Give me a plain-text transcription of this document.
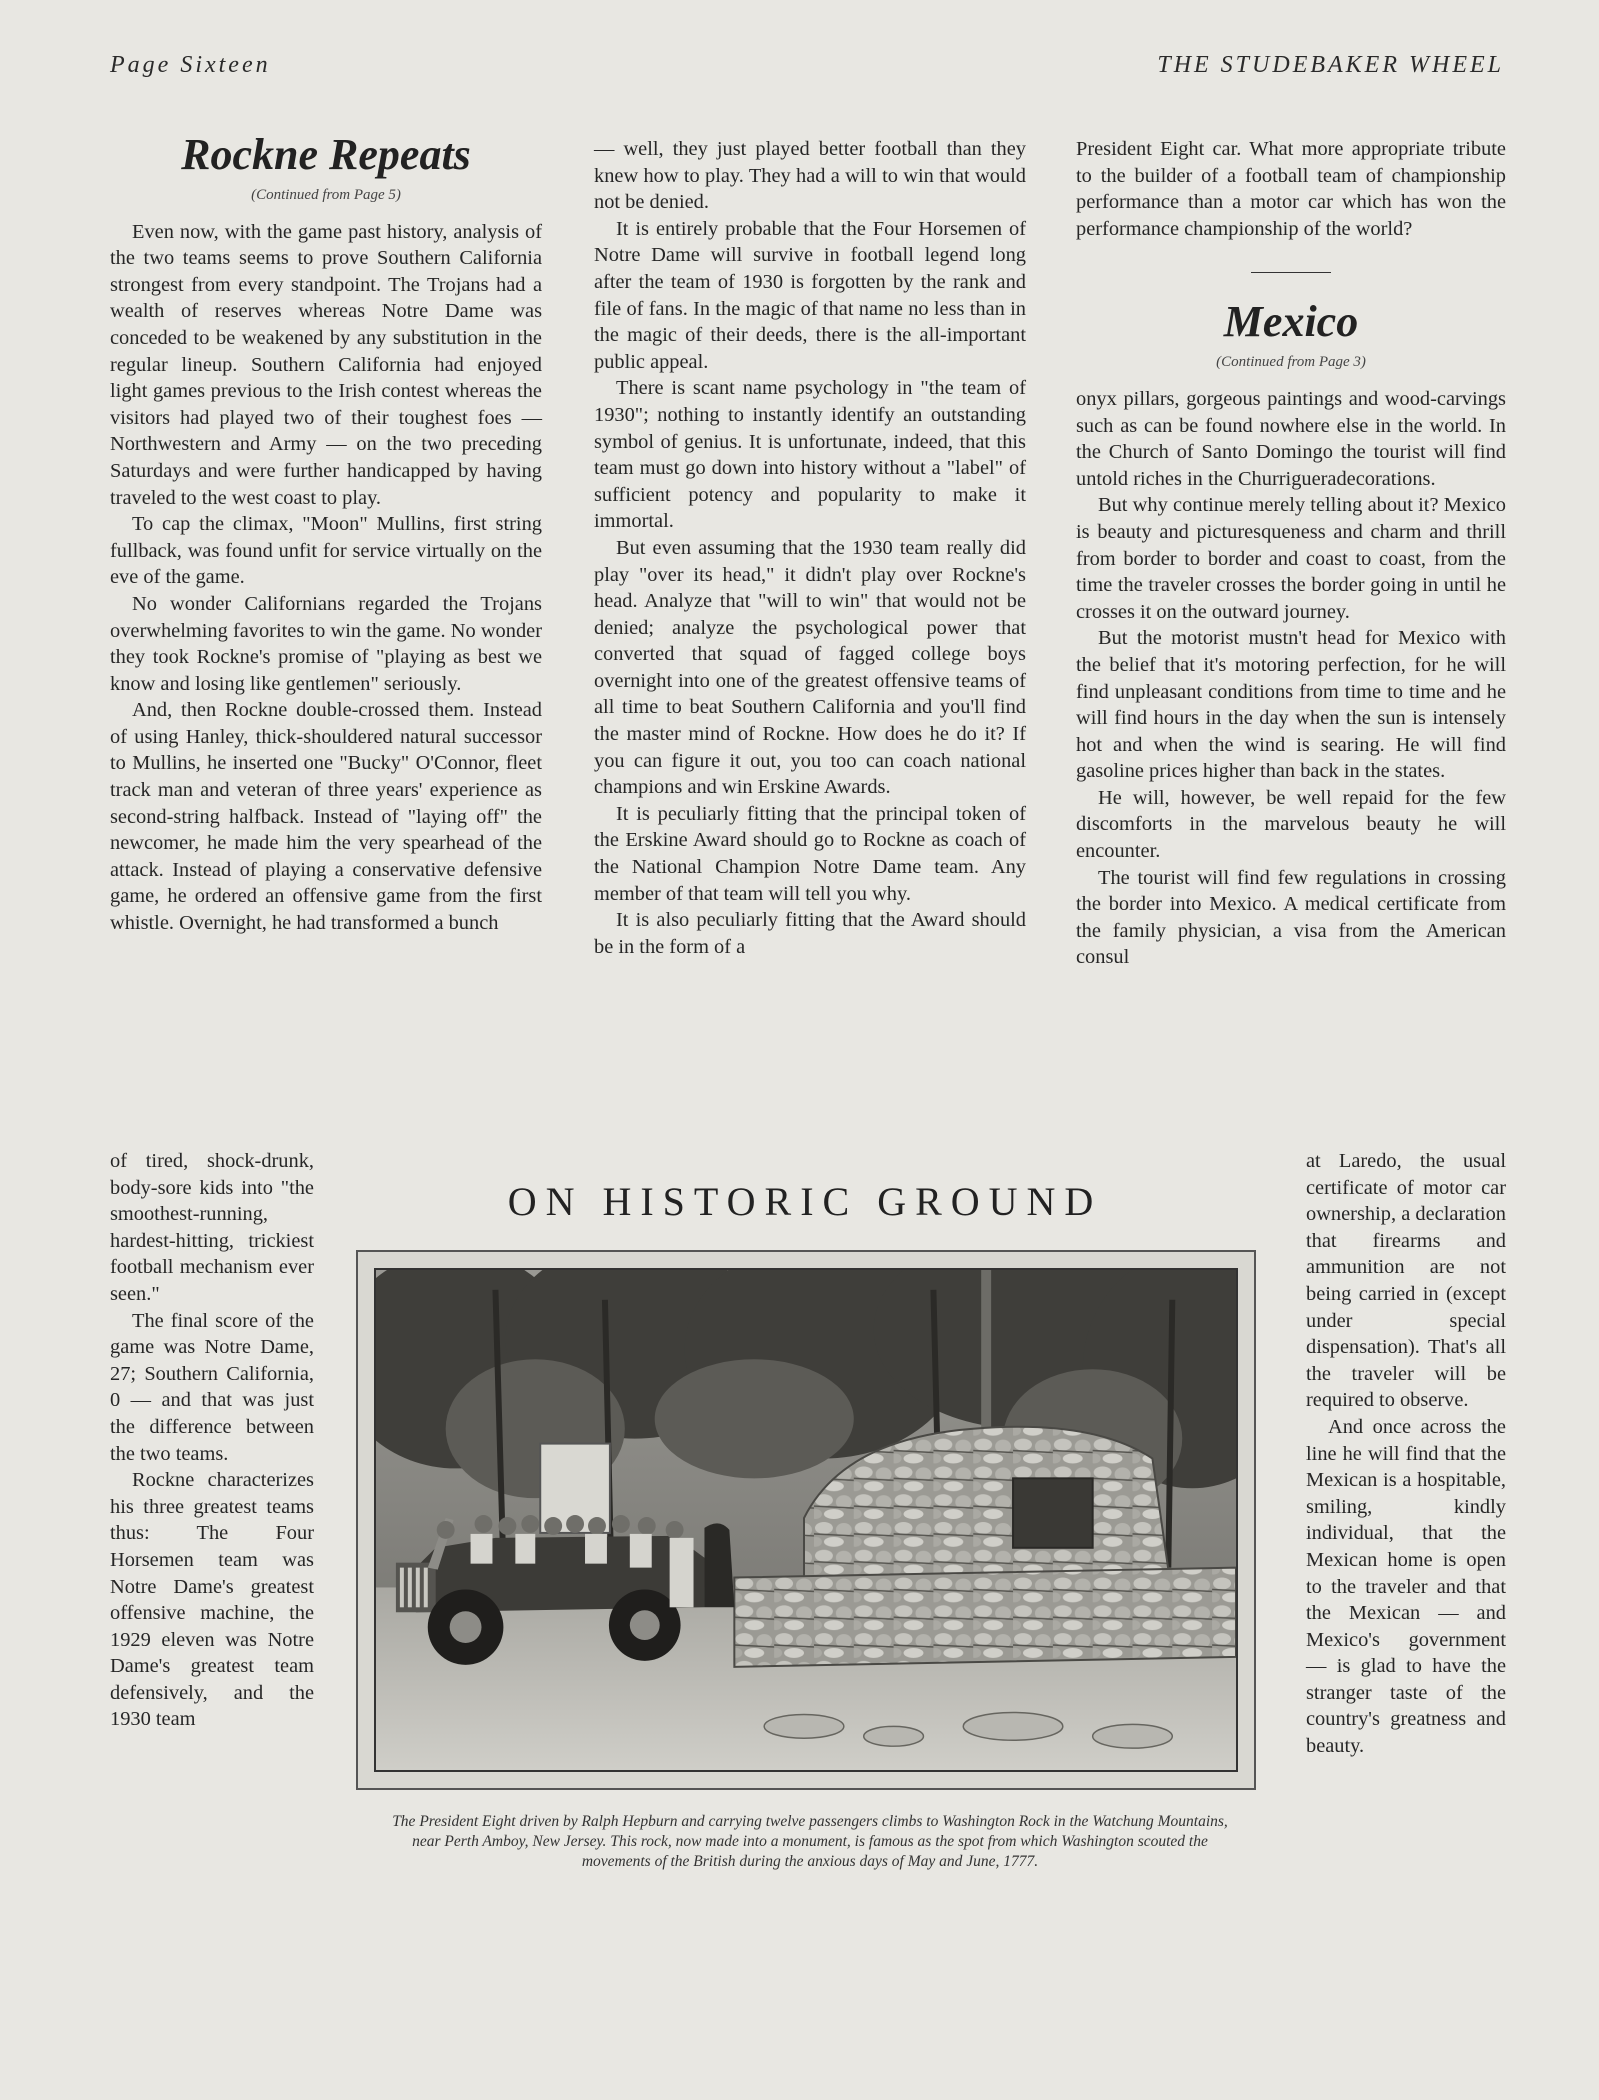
Page Sixteen	THE STUDEBAKER WHEEL
Rockne Repeats
(Continued from Page 5)

Even now, with the game past history, analysis of the two teams seems to prove Southern California strongest from every standpoint. The Trojans had a wealth of reserves whereas Notre Dame was conceded to be weakened by any substitution in the regular lineup. Southern California had enjoyed light games previous to the Irish contest whereas the visitors had played two of their toughest foes — Northwestern and Army — on the two preceding Saturdays and were further handicapped by having traveled to the west coast to play.

To cap the climax, "Moon" Mullins, first string fullback, was found unfit for service virtually on the eve of the game.

No wonder Californians regarded the Trojans overwhelming favorites to win the game. No wonder they took Rockne's promise of "playing as best we know and losing like gentlemen" seriously.

And, then Rockne double-crossed them. Instead of using Hanley, thick-shouldered natural successor to Mullins, he inserted one "Bucky" O'Connor, fleet track man and veteran of three years' experience as second-string halfback. Instead of "laying off" the newcomer, he made him the very spearhead of the attack. Instead of playing a conservative defensive game, he ordered an offensive game from the first whistle. Overnight, he had transformed a bunch

of tired, shock-drunk, body-sore kids into "the smoothest-running, hardest-hitting, trickiest football mechanism ever seen."

The final score of the game was Notre Dame, 27; Southern California, 0 — and that was just the difference between the two teams.

Rockne characterizes his three greatest teams thus: The Four Horsemen team was Notre Dame's greatest offensive machine, the 1929 eleven was Notre Dame's greatest team defensively, and the 1930 team

— well, they just played better football than they knew how to play. They had a will to win that would not be denied.

It is entirely probable that the Four Horsemen of Notre Dame will survive in football legend long after the team of 1930 is forgotten by the rank and file of fans. In the magic of that name no less than in the magic of their deeds, there is the all-important public appeal.

There is scant name psychology in "the team of 1930"; nothing to instantly identify an outstanding symbol of genius. It is unfortunate, indeed, that this team must go down into history without a "label" of sufficient potency and popularity to make it immortal.

But even assuming that the 1930 team really did play "over its head," it didn't play over Rockne's head. Analyze that "will to win" that would not be denied; analyze the psychological power that converted that squad of fagged college boys overnight into one of the greatest offensive teams of all time to beat Southern California and you'll find the master mind of Rockne. How does he do it? If you can figure it out, you too can coach national champions and win Erskine Awards.

It is peculiarly fitting that the principal token of the Erskine Award should go to Rockne as coach of the National Champion Notre Dame team. Any member of that team will tell you why.

It is also peculiarly fitting that the Award should be in the form of a

President Eight car. What more appropriate tribute to the builder of a football team of championship performance than a motor car which has won the performance championship of the world?

Mexico
(Continued from Page 3)

onyx pillars, gorgeous paintings and wood-carvings such as can be found nowhere else in the world. In the Church of Santo Domingo the tourist will find untold riches in the Churrigueradecorations.

But why continue merely telling about it? Mexico is beauty and picturesqueness and charm and thrill from border to border and coast to coast, from the time the traveler crosses the border going in until he crosses it on the outward journey.

But the motorist mustn't head for Mexico with the belief that it's motoring perfection, for he will find unpleasant conditions from time to time and he will find hours in the day when the sun is intensely hot and when the wind is searing. He will find gasoline prices higher than back in the states.

He will, however, be well repaid for the few discomforts in the marvelous beauty he will encounter.

The tourist will find few regulations in crossing the border into Mexico. A medical certificate from the family physician, a visa from the American consul

at Laredo, the usual certificate of motor car ownership, a declaration that firearms and ammunition are not being carried in (except under special dispensation). That's all the traveler will be required to observe.

And once across the line he will find that the Mexican is a hospitable, smiling, kindly individual, that the Mexican home is open to the traveler and that the Mexican — and Mexico's government — is glad to have the stranger taste of the country's greatness and beauty.

ON HISTORIC GROUND
The President Eight driven by Ralph Hepburn and carrying twelve passengers climbs to Washington Rock in the Watchung Mountains, near Perth Amboy, New Jersey. This rock, now made into a monument, is famous as the spot from which Washington scouted the movements of the British during the anxious days of May and June, 1777.
